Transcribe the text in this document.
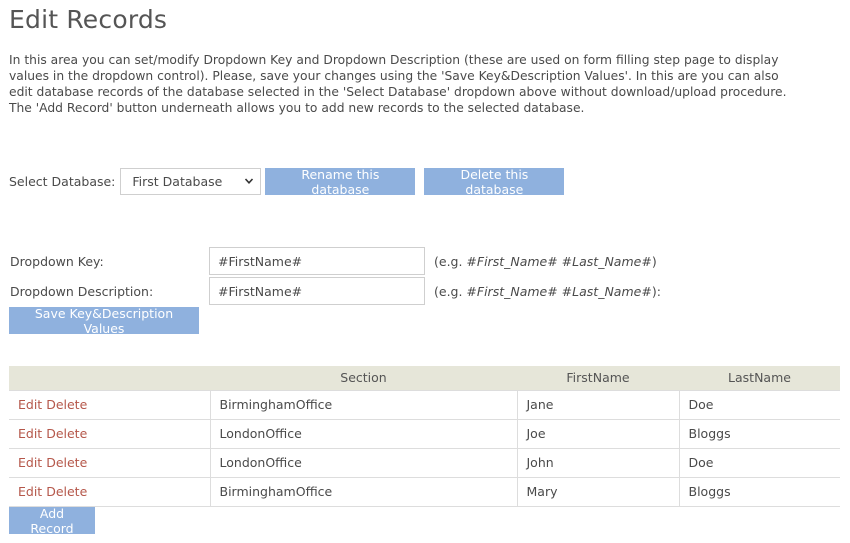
Edit Records

In this area you can set/modify Dropdown Key and Dropdown Description (these are used on form filling step page to display

values in the dropdown control). Please, save your changes using the 'Save Key&Description Values'. In this are you can also

edit database records of the database selected in the 'Select Database' dropdown above without download/upload procedure.

The 'Add Record' button underneath allows you to add new records to the selected database.

Select Database: First Database	Rename this database
Delete this database
Dropdown Key:	#FirstName#	(e.g. #First_Name# #Last_Name#)
Dropdown Description:	#FirstName#	(e.g. #First_Name# #Last_Name#):
Save Key&Description Values
	Section	FirstName	LastName
Edit Delete	BirminghamOffice	Jane	Doe
Edit Delete	LondonOffice	Joe	Bloggs
Edit Delete	LondonOffice	John	Doe
Edit Delete	BirminghamOffice	Mary	Bloggs
Add Record
